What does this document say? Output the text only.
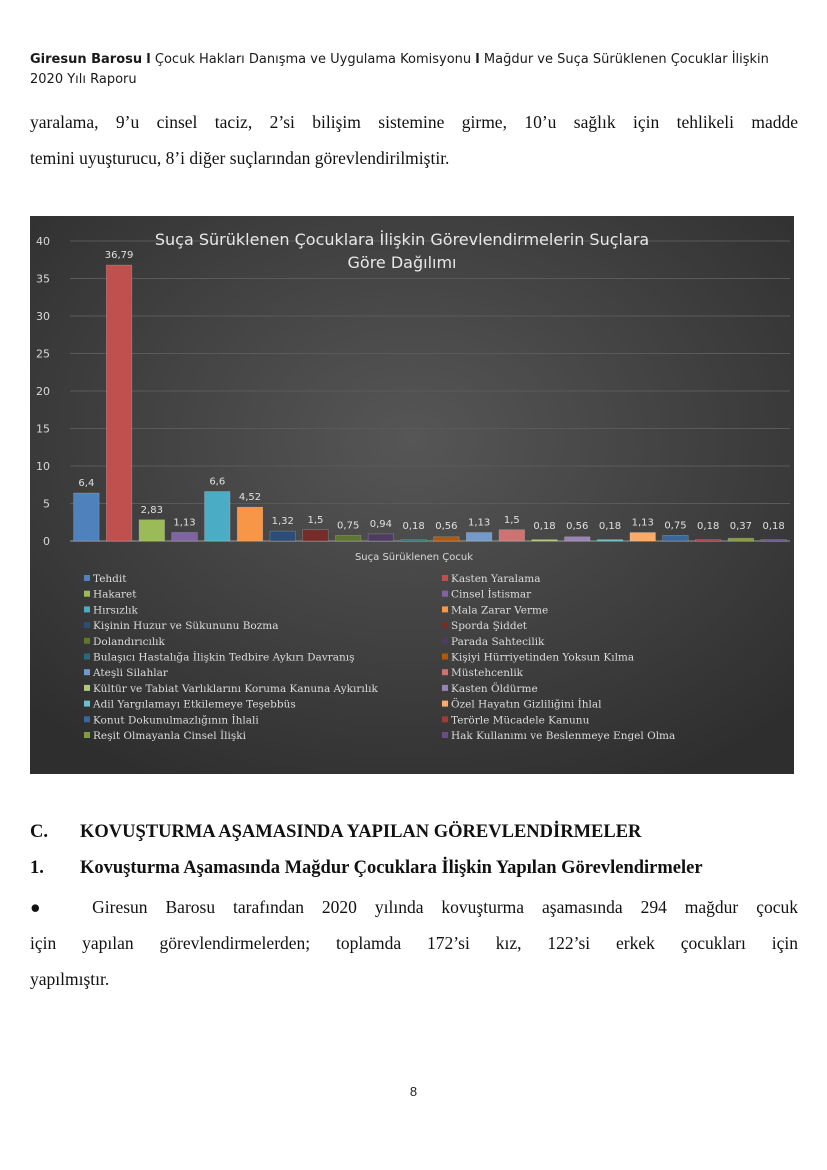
Giresun Barosu l Çocuk Hakları Danışma ve Uygulama Komisyonu l Mağdur ve Suça Sürüklenen Çocuklar İlişkin
2020 Yılı Raporu
yaralama, 9’u cinsel taciz, 2’si bilişim sistemine girme, 10’u sağlık için tehlikeli madde
temini uyuşturucu, 8’i diğer suçlarından görevlendirilmiştir.
0
5
10
15
20
25
30
35
40
6,4
36,79
2,83
1,13
6,6
4,52
1,32 1,5
0,75 0,94 0,18 0,56 1,13 1,5
0,18 0,56 0,18 1,13 0,75 0,18 0,37 0,18
Suça Sürüklenen Çocuklara İlişkin Görevlendirmelerin Suçlara
Göre Dağılımı
Suça Sürüklenen Çocuk
Tehdit	Kasten Yaralama
Hakaret	Cinsel İstismar
Hırsızlık	Mala Zarar Verme
Kişinin Huzur ve Sükununu Bozma	Sporda Şiddet
Dolandırıcılık	Parada Sahtecilik
Bulaşıcı Hastalığa İlişkin Tedbire Aykırı Davranış	Kişiyi Hürriyetinden Yoksun Kılma
Ateşli Silahlar	Müstehcenlik
Kültür ve Tabiat Varlıklarını Koruma Kanuna Aykırılık	Kasten Öldürme
Adil Yargılamayı Etkilemeye Teşebbüs	Özel Hayatın Gizliliğini İhlal
Konut Dokunulmazlığının İhlali	Terörle Mücadele Kanunu
Reşit Olmayanla Cinsel İlişki	Hak Kullanımı ve Beslenmeye Engel Olma
C. KOVUŞTURMA AŞAMASINDA YAPILAN GÖREVLENDİRMELER
1. Kovuşturma Aşamasında Mağdur Çocuklara İlişkin Yapılan Görevlendirmeler
● Giresun Barosu tarafından 2020 yılında kovuşturma aşamasında 294 mağdur çocuk
için yapılan görevlendirmelerden; toplamda 172’si kız, 122’si erkek çocukları için
yapılmıştır.
8
